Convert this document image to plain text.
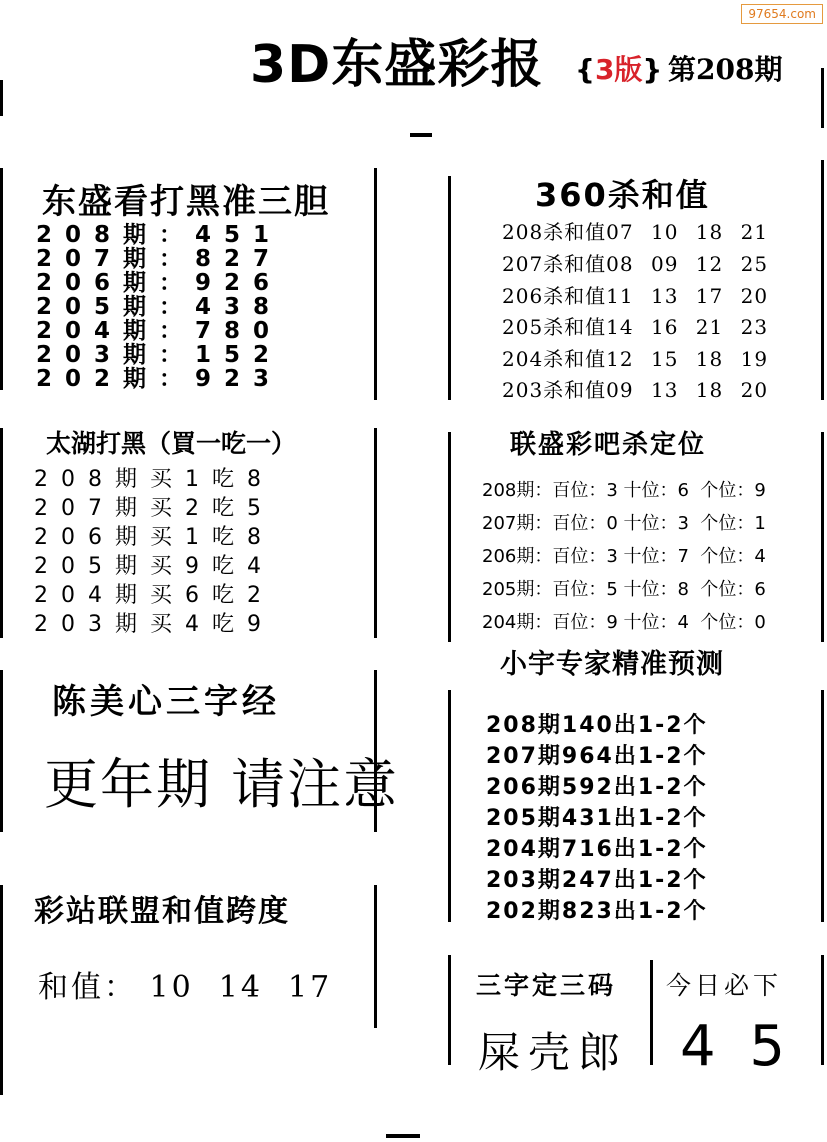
97654.com
3D东盛彩报 {3版} 第208期
东盛看打黑准三胆
208期：451
207期：827
206期：926
205期：438
204期：780
203期：152
202期：923
360杀和值
208杀和值07 10 18 21
207杀和值08 09 12 25
206杀和值11 13 17 20
205杀和值14 16 21 23
204杀和值12 15 18 19
203杀和值09 13 18 20
太湖打黑（買一吃一）
208期买1吃8
207期买2吃5
206期买1吃8
205期买9吃4
204期买6吃2
203期买4吃9
联盛彩吧杀定位
208期：百位：3 十位：6  个位：9
207期：百位：0 十位：3  个位：1
206期：百位：3 十位：7  个位：4
205期：百位：5 十位：8  个位：6
204期：百位：9 十位：4  个位：0
小宇专家精准预测
208期140出1-2个
207期964出1-2个
206期592出1-2个
205期431出1-2个
204期716出1-2个
203期247出1-2个
202期823出1-2个
陈美心三字经
更年期 请注意
彩站联盟和值跨度
和值： 10  14  17	三字定三码
屎壳郎
今日必下
4 5
